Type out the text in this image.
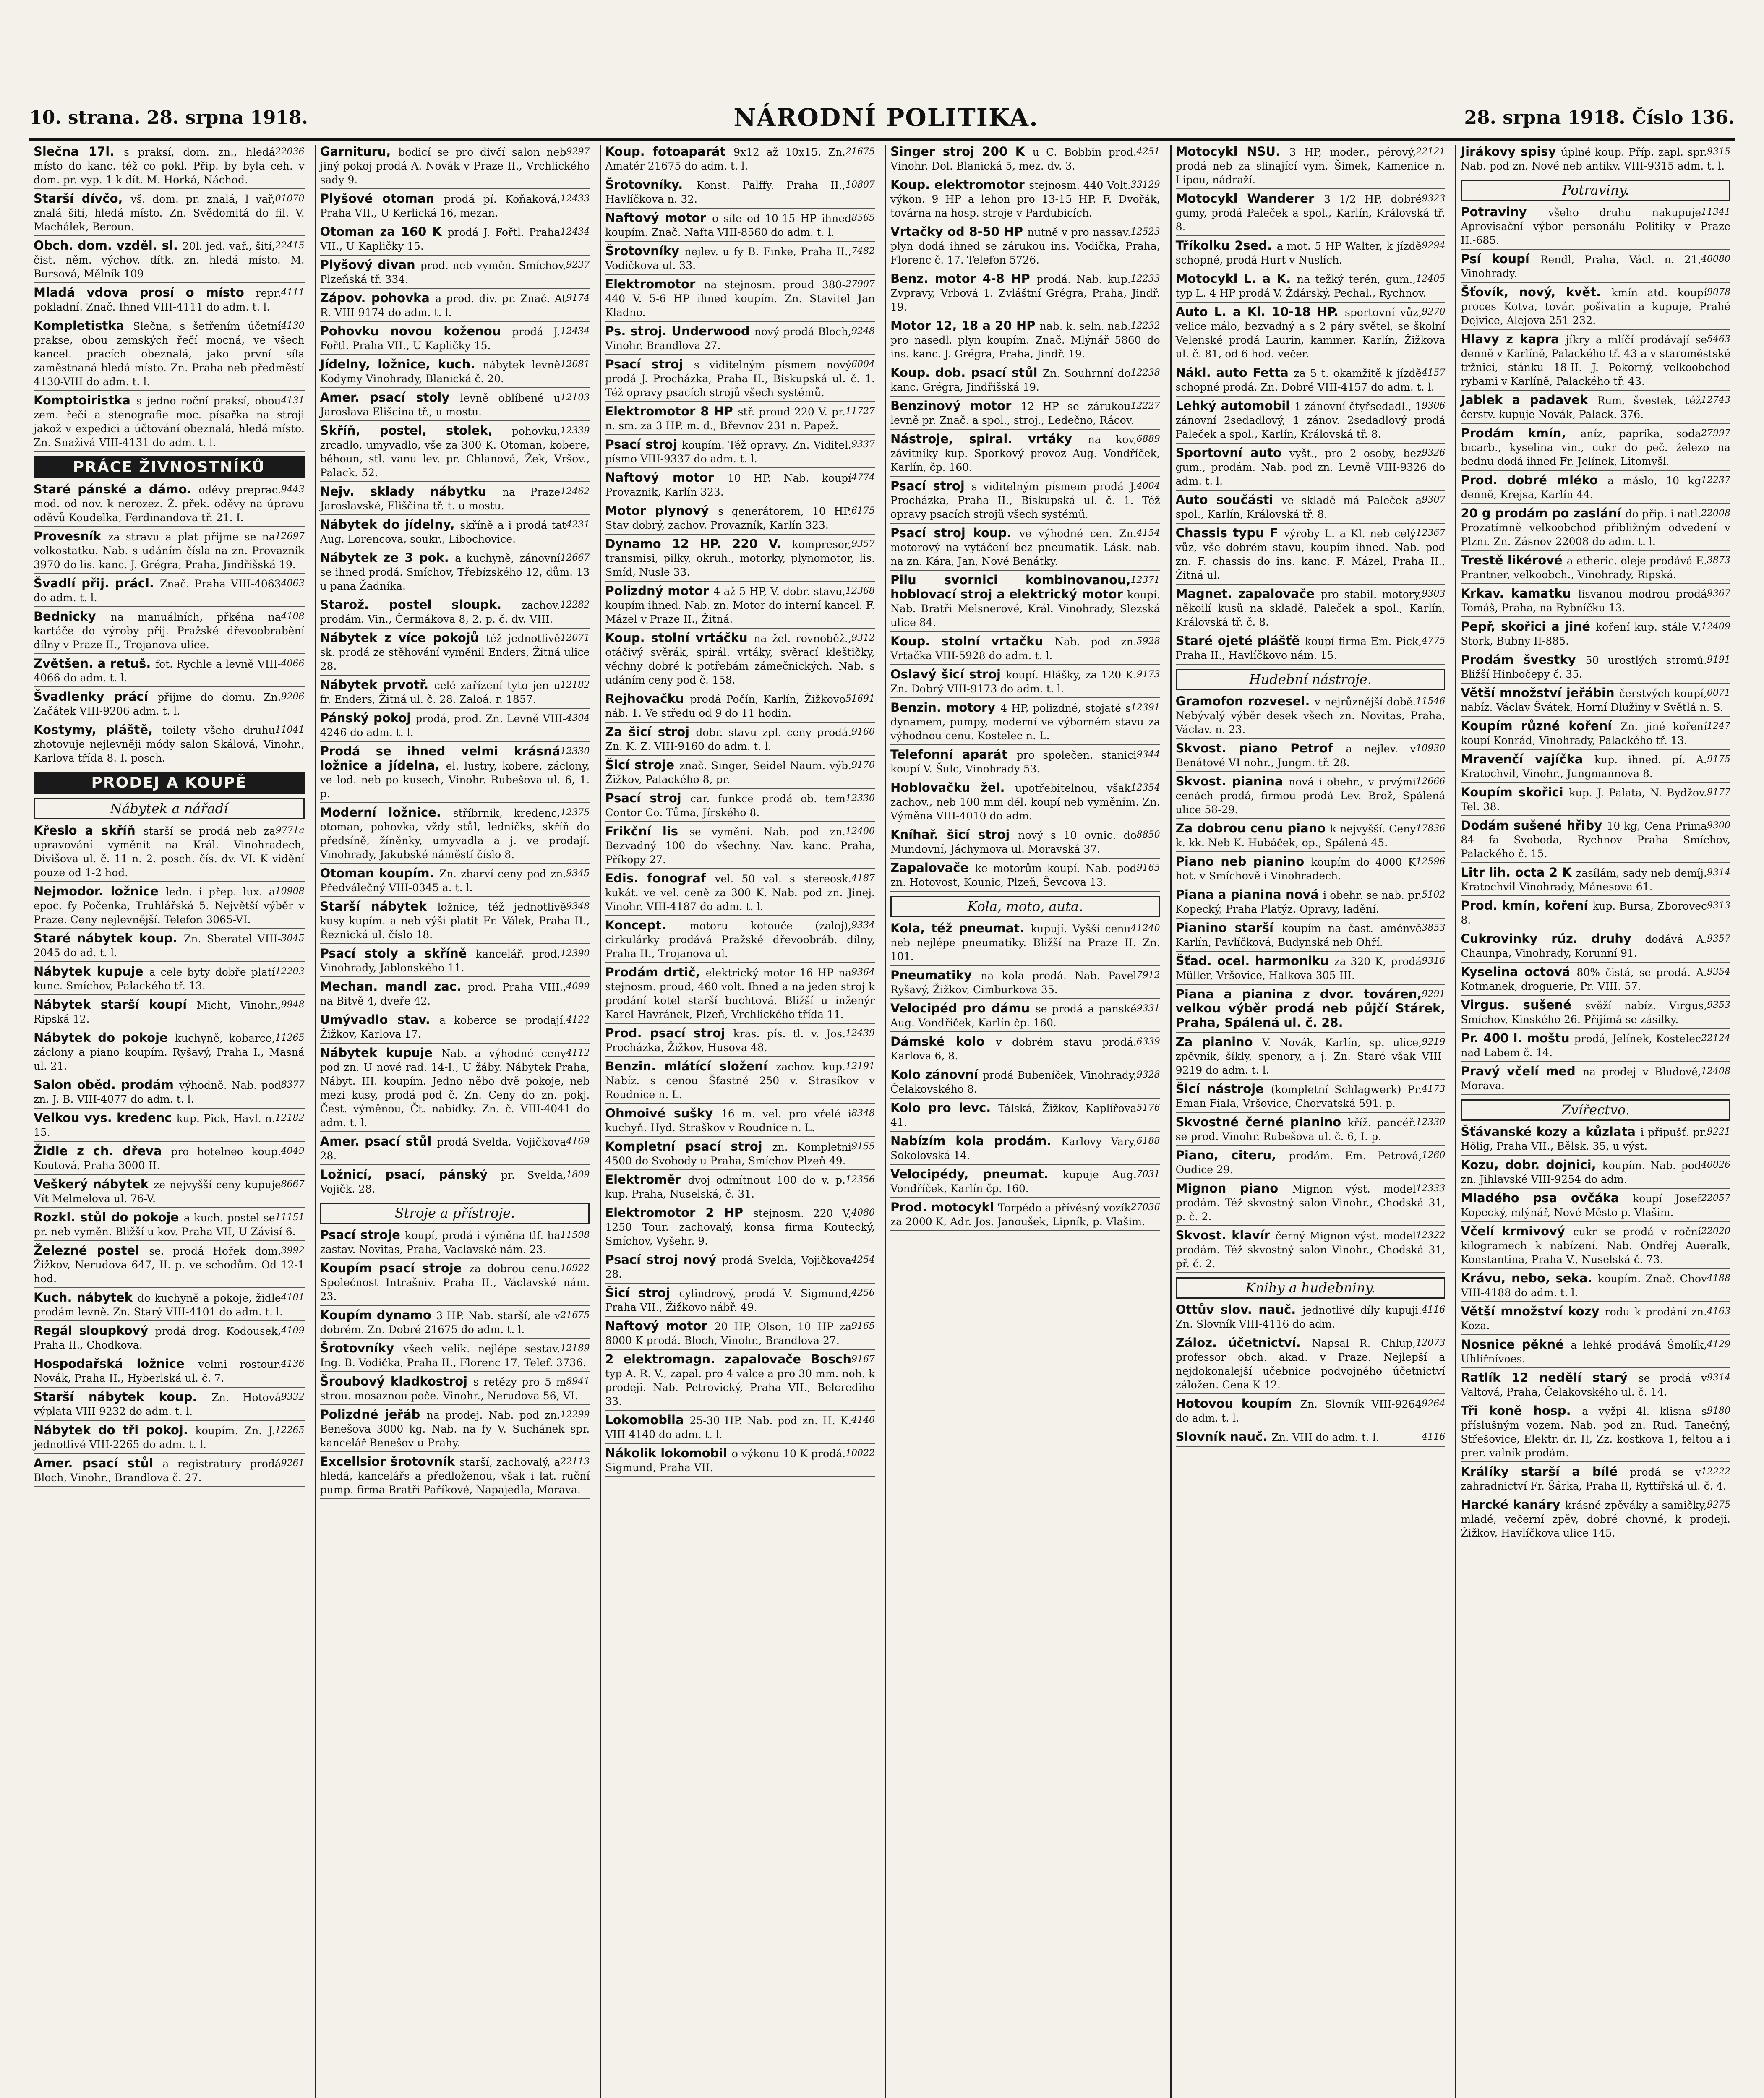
10. strana. 28. srpna 1918.	NÁRODNÍ POLITIKA.	28. srpna 1918. Číslo 136.
22036
Slečna 17l. s praksí, dom. zn., hledá místo do kanc. též co pokl. Přip. by byla ceh. v dom. pr. vyp. 1 k dít. M. Horká, Náchod.
01070
Starší dívčo, vš. dom. pr. znalá, l vař, znalá šití, hledá místo. Zn. Svědomitá do fil. V. Machálek, Beroun.
22415
Obch. dom. vzděl. sl. 20l. jed. vař., šití, čist. něm. výchov. dítk. zn. hledá místo. M. Bursová, Mělník 109
4111
Mladá vdova prosí o místo repr. pokladní. Znač. Ihned VIII-4111 do adm. t. l.
4130
Kompletistka Slečna, s šetřením účetní prakse, obou zemských řečí mocná, ve všech kancel. pracích obeznalá, jako první síla zaměstnaná hledá místo. Zn. Praha neb předměstí 4130-VIII do adm. t. l.
4131
Komptoiristka s jedno roční praksí, obou zem. řečí a stenografie moc. písařka na stroji jakož v expedici a účtování obeznalá, hledá místo. Zn. Snaživá VIII-4131 do adm. t. l.
PRÁCE ŽIVNOSTNÍKŮ
9443
Staré pánské a dámo. oděvy preprac. mod. od nov. k nerozez. Ž. přek. oděvy na úpravu oděvů Koudelka, Ferdinandova tř. 21. I.
12697
Provesník za stravu a plat přijme se na volkostatku. Nab. s udáním čísla na zn. Provaznik 3970 do lis. kanc. J. Grégra, Praha, Jindřišská 19.
4063
Švadlí přij. prácl. Znač. Praha VIII-4063 do adm. t. l.
4108
Bednicky na manuálních, přkéna na kartáče do výroby přij. Pražské dřevoobrabění dílny v Praze II., Trojanova ulice.
4066
Zvětšen. a retuš. fot. Rychle a levně VIII-4066 do adm. t. l.
9206
Švadlenky prácí přijme do domu. Zn. Začátek VIII-9206 adm. t. l.
11041
Kostymy, pláště, toilety všeho druhu zhotovuje nejlevněji módy salon Skálová, Vinohr., Karlova třída 8. I. posch.
PRODEJ A KOUPĚ
Nábytek a nářadí
9771a
Křeslo a skříň starší se prodá neb za upravování vyměnit na Král. Vinohradech, Divišova ul. č. 11 n. 2. posch. čís. dv. VI. K vidění pouze od 1-2 hod.
10908
Nejmodor. ložnice ledn. i přep. lux. a epoc. fy Počenka, Truhlářská 5. Největší výběr v Praze. Ceny nejlevnější. Telefon 3065-VI.
3045
Staré nábytek koup. Zn. Sberatel VIII-2045 do ad. t. l.
12203
Nábytek kupuje a cele byty dobře platí kunc. Smíchov, Palackého tř. 13.
9948
Nábytek starší koupí Micht, Vinohr., Ripská 12.
11265
Nábytek do pokoje kuchyně, kobarce, záclony a piano koupím. Ryšavý, Praha I., Masná ul. 21.
8377
Salon oběd. prodám výhodně. Nab. pod zn. J. B. VIII-4077 do adm. t. l.
12182
Velkou vys. kredenc kup. Pick, Havl. n. 15.
4049
Židle z ch. dřeva pro hotelneo koup. Koutová, Praha 3000-II.
8667
Veškerý nábytek ze nejvyšší ceny kupuje Vít Melmelova ul. 76-V.
11151
Rozkl. stůl do pokoje a kuch. postel se pr. neb vyměn. Bližší u kov. Praha VII, U Závisí 6.
3992
Železné postel se. prodá Hořek dom. Žižkov, Nerudova 647, II. p. ve schodům. Od 12-1 hod.
4101
Kuch. nábytek do kuchyně a pokoje, židle prodám levně. Zn. Starý VIII-4101 do adm. t. l.
4109
Regál sloupkový prodá drog. Kodousek, Praha II., Chodkova.
4136
Hospodařská ložnice velmi rostour. Novák, Praha II., Hyberlská ul. č. 7.
9332
Starší nábytek koup. Zn. Hotová výplata VIII-9232 do adm. t. l.
12265
Nábytek do tři pokoj. koupím. Zn. J. jednotlivé VIII-2265 do adm. t. l.
9261
Amer. psací stůl a registratury prodá Bloch, Vinohr., Brandlova č. 27.
9297
Garnituru, bodicí se pro divčí salon neb jiný pokoj prodá A. Novák v Praze II., Vrchlického sady 9.
12433
Plyšové otoman prodá pí. Koňaková, Praha VII., U Kerlická 16, mezan.
12434
Otoman za 160 K prodá J. Fořtl. Praha VII., U Kapličky 15.
9237
Plyšový divan prod. neb vyměn. Smíchov, Plzeňská tř. 334.
9174
Zápov. pohovka a prod. div. pr. Znač. At R. VIII-9174 do adm. t. l.
12434
Pohovku novou koženou prodá J. Fořtl. Praha VII., U Kapličky 15.
12081
Jídelny, ložnice, kuch. nábytek levně Kodymy Vinohrady, Blanická č. 20.
12103
Amer. psací stoly levně oblíbené u Jaroslava Elišcina tř., u mostu.
12339
Skříň, postel, stolek, pohovku, zrcadlo, umyvadlo, vše za 300 K. Otoman, kobere, běhoun, stl. vanu lev. pr. Chlanová, Žek, Vršov., Palack. 52.
12462
Nejv. sklady nábytku na Praze Jaroslavské, Eliščina tř. t. u mostu.
4231
Nábytek do jídelny, skříně a i prodá tat Aug. Lorencova, soukr., Libochovice.
12667
Nábytek ze 3 pok. a kuchyně, zánovní se ihned prodá. Smíchov, Třebízského 12, dům. 13 u pana Žadníka.
12282
Starož. postel sloupk. zachov. prodám. Vin., Čermákova 8, 2. p. č. dv. VIII.
12071
Nábytek z více pokojů též jednotlivě sk. prodá ze stěhování vyměnil Enders, Žitná ulice 28.
12182
Nábytek prvotř. celé zařízení tyto jen u fr. Enders, Žitná ul. č. 28. Zaloá. r. 1857.
4304
Pánský pokoj prodá, prod. Zn. Levně VIII-4246 do adm. t. l.
12330
Prodá se ihned velmi krásná ložnice a jídelna, el. lustry, kobere, záclony, ve lod. neb po kusech, Vinohr. Rubešova ul. 6, 1. p.
12375
Moderní ložnice. stříbrnik, kredenc, otoman, pohovka, vždy stůl, ledničks, skříň do předsíně, žíněnky, umyvadla a j. ve prodají. Vinohrady, Jakubské náměstí číslo 8.
9345
Otoman koupím. Zn. zbarví ceny pod zn. Předválečný VIII-0345 a. t. l.
9348
Starší nábytek ložnice, též jednotlivě kusy kupím. a neb výši platit Fr. Válek, Praha II., Řeznická ul. číslo 18.
12390
Psací stoly a skříně kancelář. prod. Vinohrady, Jablonského 11.
4099
Mechan. mandl zac. prod. Praha VIII., na Bitvě 4, dveře 42.
4122
Umývadlo stav. a koberce se prodají. Žižkov, Karlova 17.
4112
Nábytek kupuje Nab. a výhodné ceny pod zn. U nové rad. 14-I., U žáby. Nábytek Praha, Nábyt. III. koupím. Jedno něbo dvě pokoje, neb mezi kusy, prodá pod č. Zn. Ceny do zn. pokj. Čest. výměnou, Čt. nabídky. Zn. č. VIII-4041 do adm. t. l.
4169
Amer. psací stůl prodá Svelda, Vojičkova 28.
1809
Ložnicí, psací, pánský pr. Svelda, Vojičk. 28.
Stroje a přístroje.
11508
Psací stroje koupí, prodá i výměna tlf. ha zastav. Novitas, Praha, Vaclavské nám. 23.
10922
Koupím psací stroje za dobrou cenu. Společnost Intrašniv. Praha II., Václavské nám. 23.
21675
Koupím dynamo 3 HP. Nab. starší, ale v dobrém. Zn. Dobré 21675 do adm. t. l.
12189
Šrotovníky všech velik. nejlépe sestav. Ing. B. Vodička, Praha II., Florenc 17, Telef. 3736.
8941
Šroubový kladkostroj s retězy pro 5 m strou. mosaznou poče. Vinohr., Nerudova 56, VI.
12299
Polizdné jeřáb na prodej. Nab. pod zn. Benešova 3000 kg. Nab. na fy V. Suchánek spr. kancelář Benešov u Prahy.
22113
Excellsior šrotovník starší, zachovalý, a hledá, kancelářs a předloženou, však i lat. ruční pump. firma Bratři Paříkové, Napajedla, Morava.
21675
Koup. fotoaparát 9x12 až 10x15. Zn. Amatér 21675 do adm. t. l.
10807
Šrotovníky. Konst. Palffy. Praha II., Havlíčkova n. 32.
8565
Naftový motor o síle od 10-15 HP ihned koupím. Znač. Nafta VIII-8560 do adm. t. l.
7482
Šrotovníky nejlev. u fy B. Finke, Praha II., Vodičkova ul. 33.
27907
Elektromotor na stejnosm. proud 380-440 V. 5-6 HP ihned koupím. Zn. Stavitel Jan Kladno.
9248
Ps. stroj. Underwood nový prodá Bloch, Vinohr. Brandlova 27.
6004
Psací stroj s viditelným písmem nový prodá J. Procházka, Praha II., Biskupská ul. č. 1. Též opravy psacích strojů všech systémů.
11727
Elektromotor 8 HP stř. proud 220 V. pr. n. sm. za 3 HP. m. d., Břevnov 231 n. Papež.
9337
Psací stroj koupím. Též opravy. Zn. Viditel. písmo VIII-9337 do adm. t. l.
4774
Naftový motor 10 HP. Nab. koupí Provaznik, Karlín 323.
6175
Motor plynový s generátorem, 10 HP. Stav dobrý, zachov. Provazník, Karlín 323.
9357
Dynamo 12 HP. 220 V. kompresor, transmisi, pilky, okruh., motorky, plynomotor, lis. Smíd, Nusle 33.
12368
Polizdný motor 4 až 5 HP, V. dobr. stavu, koupím ihned. Nab. zn. Motor do interní kancel. F. Mázel v Praze II., Žitná.
9312
Koup. stolní vrtáčku na žel. rovnoběž., otáčivý svěrák, spirál. vrtáky, svěrací kleštičky, věchny dobré k potřebám zámečnických. Nab. s udáním ceny pod č. 158.
51691
Rejhovačku prodá Počín, Karlín, Žižkovo náb. 1. Ve středu od 9 do 11 hodin.
9160
Za šicí stroj dobr. stavu zpl. ceny prodá. Zn. K. Z. VIII-9160 do adm. t. l.
9170
Šicí stroje znač. Singer, Seidel Naum. výb. Žižkov, Palackého 8, pr.
12330
Psací stroj car. funkce prodá ob. tem Contor Co. Tůma, Jírského 8.
12400
Frikční lis se vymění. Nab. pod zn. Bezvadný 100 do všechny. Nav. kanc. Praha, Příkopy 27.
4187
Edis. fonograf vel. 50 val. s stereosk. kukát. ve vel. ceně za 300 K. Nab. pod zn. Jinej. Vinohr. VIII-4187 do adm. t. l.
9334
Koncept. motoru kotouče (zaloj), cirkulárky prodává Pražské dřevoobráb. dílny, Praha II., Trojanova ul.
9364
Prodám drtič, elektrický motor 16 HP na stejnosm. proud, 460 volt. Ihned a na jeden stroj k prodání kotel starší buchtová. Bližší u inženýr Karel Havránek, Plzeň, Vrchlického třída 11.
12439
Prod. psací stroj kras. pís. tl. v. Jos. Procházka, Žižkov, Husova 48.
12191
Benzin. mlátící složení zachov. kup. Nabíz. s cenou Šťastné 250 v. Strasíkov v Roudnice n. L.
8348
Ohmoivé sušky 16 m. vel. pro vřelé i kuchyň. Hyd. Straškov v Roudnice n. L.
9155
Kompletní psací stroj zn. Kompletni 4500 do Svobody u Praha, Smíchov Plzeň 49.
12356
Elektroměr dvoj odmítnout 100 do v. p. kup. Praha, Nuselská, č. 31.
4080
Elektromotor 2 HP stejnosm. 220 V, 1250 Tour. zachovalý, konsa firma Koutecký, Smíchov, Vyšehr. 9.
4254
Psací stroj nový prodá Svelda, Vojičkova 28.
4256
Šicí stroj cylindrový, prodá V. Sigmund, Praha VII., Žižkovo nábř. 49.
9165
Naftový motor 20 HP, Olson, 10 HP za 8000 K prodá. Bloch, Vinohr., Brandlova 27.
9167
2 elektromagn. zapalovače Bosch typ A. R. V., zapal. pro 4 válce a pro 30 mm. noh. k prodeji. Nab. Petrovický, Praha VII., Belcrediho 33.
4140
Lokomobila 25-30 HP. Nab. pod zn. H. K. VIII-4140 do adm. t. l.
10022
Nákolik lokomobil o výkonu 10 K prodá. Sigmund, Praha VII.
4251
Singer stroj 200 K u C. Bobbin prod. Vinohr. Dol. Blanická 5, mez. dv. 3.
33129
Koup. elektromotor stejnosm. 440 Volt. výkon. 9 HP a lehon pro 13-15 HP. F. Dvořák, továrna na hosp. stroje v Pardubicích.
12523
Vrtačky od 8-50 HP nutně v pro nassav. plyn dodá ihned se zárukou ins. Vodička, Praha, Florenc č. 17. Telefon 5726.
12233
Benz. motor 4-8 HP prodá. Nab. kup. Zvpravy, Vrbová 1. Zvláštní Grégra, Praha, Jindř. 19.
12232
Motor 12, 18 a 20 HP nab. k. seln. nab. pro nasedl. plyn koupím. Znač. Mlýnář 5860 do ins. kanc. J. Grégra, Praha, Jindř. 19.
12238
Koup. dob. psací stůl Zn. Souhrnní do kanc. Grégra, Jindřišská 19.
12227
Benzinový motor 12 HP se zárukou levně pr. Znač. a spol., stroj., Ledečno, Rácov.
6889
Nástroje, spiral. vrtáky na kov, závitníky kup. Sporkový provoz Aug. Vondříček, Karlín, čp. 160.
4004
Psací stroj s viditelným písmem prodá J. Procházka, Praha II., Biskupská ul. č. 1. Též opravy psacích strojů všech systémů.
4154
Psací stroj koup. ve výhodné cen. Zn. motorový na vytáčení bez pneumatik. Lásk. nab. na zn. Kára, Jan, Nové Benátky.
12371
Pilu svornici kombinovanou, hoblovací stroj a elektrický motor koupí. Nab. Bratři Melsnerové, Král. Vinohrady, Slezská ulice 84.
5928
Koup. stolní vrtačku Nab. pod zn. Vrtačka VIII-5928 do adm. t. l.
9173
Oslavý šicí stroj koupí. Hlášky, za 120 K. Zn. Dobrý VIII-9173 do adm. t. l.
12391
Benzin. motory 4 HP, polizdné, stojaté s dynamem, pumpy, moderní ve výborném stavu za výhodnou cenu. Kostelec n. L.
9344
Telefonní aparát pro společen. stanici koupí V. Šulc, Vinohrady 53.
12354
Hoblovačku žel. upotřebitelnou, však zachov., neb 100 mm dél. koupí neb vyměním. Zn. Výměna VIII-4010 do adm.
8850
Kníhař. šicí stroj nový s 10 ovnic. do Mundovní, Jáchymova ul. Moravská 37.
9165
Zapalovače ke motorům koupí. Nab. pod zn. Hotovost, Kounic, Plzeň, Ševcova 13.
Kola, moto, auta.
41240
Kola, též pneumat. kupují. Vyšší cenu neb nejlépe pneumatiky. Bližší na Praze II. Zn. 101.
7912
Pneumatiky na kola prodá. Nab. Pavel Ryšavý, Žižkov, Cimburkova 35.
9331
Velocipéd pro dámu se prodá a panské Aug. Vondříček, Karlín čp. 160.
6339
Dámské kolo v dobrém stavu prodá. Karlova 6, 8.
9328
Kolo zánovní prodá Bubeníček, Vinohrady, Čelakovského 8.
5176
Kolo pro levc. Tálská, Žižkov, Kaplířova 41.
6188
Nabízím kola prodám. Karlovy Vary, Sokolovská 14.
7031
Velocipédy, pneumat. kupuje Aug. Vondříček, Karlín čp. 160.
27036
Prod. motocykl Torpédo a přívěsný vozík za 2000 K, Adr. Jos. Janoušek, Lipník, p. Vlašim.
22121
Motocykl NSU. 3 HP, moder., pérový, prodá neb za slinající vym. Šimek, Kamenice n. Lipou, nádraží.
9323
Motocykl Wanderer 3 1/2 HP, dobré gumy, prodá Paleček a spol., Karlín, Královská tř. 8.
9294
Tříkolku 2sed. a mot. 5 HP Walter, k jízdě schopné, prodá Hurt v Nuslích.
12405
Motocykl L. a K. na težký terén, gum., typ L. 4 HP prodá V. Ždárský, Pechal., Rychnov.
9270
Auto L. a Kl. 10-18 HP. sportovní vůz, velice málo, bezvadný a s 2 páry světel, se školní Velenské prodá Laurin, kammer. Karlín, Žižkova ul. č. 81, od 6 hod. večer.
4157
Nákl. auto Fetta za 5 t. okamžitě k jízdě schopné prodá. Zn. Dobré VIII-4157 do adm. t. l.
9306
Lehký automobil 1 zánovní čtyřsedadl., 1 zánovní 2sedadlový, 1 zánov. 2sedadlový prodá Paleček a spol., Karlín, Královská tř. 8.
9326
Sportovní auto vyšt., pro 2 osoby, bez gum., prodám. Nab. pod zn. Levně VIII-9326 do adm. t. l.
9307
Auto součásti ve skladě má Paleček a spol., Karlín, Královská tř. 8.
12367
Chassis typu F výroby L. a Kl. neb celý vůz, vše dobrém stavu, koupím ihned. Nab. pod zn. F. chassis do ins. kanc. F. Mázel, Praha II., Žitná ul.
9303
Magnet. zapalovače pro stabil. motory, někoilí kusů na skladě, Paleček a spol., Karlín, Královská tř. č. 8.
4775
Staré ojeté plášťě koupí firma Em. Pick, Praha II., Havlíčkovo nám. 15.
Hudební nástroje.
11546
Gramofon rozvesel. v nejrůznější době. Nebývalý výběr desek všech zn. Novitas, Praha, Václav. n. 23.
10930
Skvost. piano Petrof a nejlev. v Benátové VI nohr., Jungm. tř. 28.
12666
Skvost. pianina nová i obehr., v prvými cenách prodá, firmou prodá Lev. Brož, Spálená ulice 58-29.
17836
Za dobrou cenu piano k nejvyšší. Ceny k. kk. Neb K. Hubáček, op., Spálená 45.
12596
Piano neb pianino koupím do 4000 K hot. v Smíchově i Vinohradech.
5102
Piana a pianina nová i obehr. se nab. pr. Kopecký, Praha Platýz. Opravy, ladění.
3853
Pianino starší koupím na čast. aménvě Karlín, Pavlíčková, Budynská neb Ohří.
9316
Šťad. ocel. harmoniku za 320 K, prodá Müller, Vršovice, Halkova 305 III.
9291
Piana a pianina z dvor. továren, velkou výběr prodá neb půjčí Stárek, Praha, Spálená ul. č. 28.
9219
Za pianino V. Novák, Karlín, sp. ulice, zpěvník, šíkly, spenory, a j. Zn. Staré však VIII-9219 do adm. t. l.
4173
Šicí nástroje (kompletní Schlagwerk) Pr. Eman Fiala, Vršovice, Chorvatská 591. p.
12330
Skvostné černé pianino kříž. pancéř. se prod. Vinohr. Rubešova ul. č. 6, I. p.
1260
Piano, citeru, prodám. Em. Petrová, Oudice 29.
12333
Mignon piano Mignon výst. model prodám. Též skvostný salon Vinohr., Chodská 31, p. č. 2.
12322
Skvost. klavír černý Mignon výst. model prodám. Též skvostný salon Vinohr., Chodská 31, př. č. 2.
Knihy a hudebniny.
4116
Ottův slov. nauč. jednotlivé díly kupuji. Zn. Slovník VIII-4116 do adm.
12073
Záloz. účetnictví. Napsal R. Chlup, professor obch. akad. v Praze. Nejlepší a nejdokonalejší učebnice podvojného účetnictví záložen. Cena K 12.
9264
Hotovou koupím Zn. Slovník VIII-9264 do adm. t. l.
4116
Slovník nauč. Zn. VIII do adm. t. l.
9315
Jirákovy spisy úplné koup. Příp. zapl. spr. Nab. pod zn. Nové neb antikv. VIII-9315 adm. t. l.
Potraviny.
11341
Potraviny všeho druhu nakupuje Aprovisační výbor personálu Politiky v Praze II.-685.
40080
Psí koupí Rendl, Praha, Václ. n. 21, Vinohrady.
9078
Šťovík, nový, květ. kmín atd. koupí proces Kotva, továr. pošivatin a kupuje, Prahé Dejvice, Alejova 251-232.
5463
Hlavy z kapra jíkry a mlíčí prodávají se denně v Karlíně, Palackého tř. 43 a v staroměstské tržnici, stánku 18-II. J. Pokorný, velkoobchod rybami v Karlíně, Palackého tř. 43.
12743
Jablek a padavek Rum, švestek, též čerstv. kupuje Novák, Palack. 376.
27997
Prodám kmín, aníz, paprika, soda bicarb., kyselina vin., cukr do peč. železo na bednu dodá ihned Fr. Jelínek, Litomyšl.
12237
Prod. dobré mléko a máslo, 10 kg denně, Krejsa, Karlín 44.
22008
20 g prodám po zaslání do přip. i natl. Prozatímně velkoobchod přibližným odvedení v Plzni. Zn. Zásnov 22008 do adm. t. l.
3873
Trestě likérové a etheric. oleje prodává E. Prantner, velkoobch., Vinohrady, Ripská.
9367
Krkav. kamatku lisvanou modrou prodá Tomáš, Praha, na Rybníčku 13.
12409
Pepř, skořici a jiné koření kup. stále V. Stork, Bubny II-885.
9191
Prodám švestky 50 urostlých stromů. Bližší Hinbočepy č. 35.
0071
Větší množství jeřábin čerstvých koupí, nabíz. Václav Švátek, Horní Dlužiny v Světlá n. S.
1247
Koupím různé koření Zn. jiné koření koupí Konrád, Vinohrady, Palackého tř. 13.
9175
Mravenčí vajíčka kup. ihned. pí. A. Kratochvil, Vinohr., Jungmannova 8.
9177
Koupím skořici kup. J. Palata, N. Bydžov. Tel. 38.
9300
Dodám sušené hřiby 10 kg, Cena Prima 84 fa Svoboda, Rychnov Praha Smíchov, Palackého č. 15.
9314
Litr lih. octa 2 K zasílám, sady neb demíj. Kratochvil Vinohrady, Mánesova 61.
9313
Prod. kmín, koření kup. Bursa, Zborovec 8.
9357
Cukrovinky rúz. druhy dodává A. Chaunpa, Vinohrady, Korunní 91.
9354
Kyselina octová 80% čistá, se prodá. A. Kotmanek, droguerie, Pr. VIII. 57.
9353
Virgus. sušené svěží nabíz. Virgus, Smíchov, Kinského 26. Přijímá se zásilky.
22124
Pr. 400 l. moštu prodá, Jelínek, Kostelec nad Labem č. 14.
12408
Pravý včelí med na prodej v Bludově, Morava.
Zvířectvo.
9221
Šťávanské kozy a kůzlata i připušť. pr. Hölig, Praha VII., Bělsk. 35, u výst.
40026
Kozu, dobr. dojnici, koupím. Nab. pod zn. Jihlavské VIII-9254 do adm.
22057
Mladého psa ovčáka koupí Josef Kopecký, mlýnář, Nové Město p. Vlašim.
22020
Včelí krmivový cukr se prodá v roční kilogramech k nabízení. Nab. Ondřej Aueralk, Konstantina, Praha V., Nuselská č. 73.
4188
Krávu, nebo, seka. koupím. Znač. Chov VIII-4188 do adm. t. l.
4163
Větší množství kozy rodu k prodání zn. Koza.
4129
Nosnice pěkné a lehké prodává Šmolík, Uhlířnívoes.
9314
Ratlík 12 nedělí starý se prodá v Valtová, Praha, Čelakovského ul. č. 14.
9180
Tři koně hosp. a vyžpi 4l. klisna s příslušným vozem. Nab. pod zn. Rud. Tanečný, Střešovice, Elektr. dr. II, Zz. kostkova 1, feltou a i prer. valník prodám.
12222
Králíky starší a bílé prodá se v zahradnictví Fr. Šárka, Praha II, Ryttířská ul. č. 4.
9275
Harcké kanáry krásné zpěváky a samičky, mladé, večerní zpěv, dobré chovné, k prodeji. Žižkov, Havlíčkova ulice 145.
